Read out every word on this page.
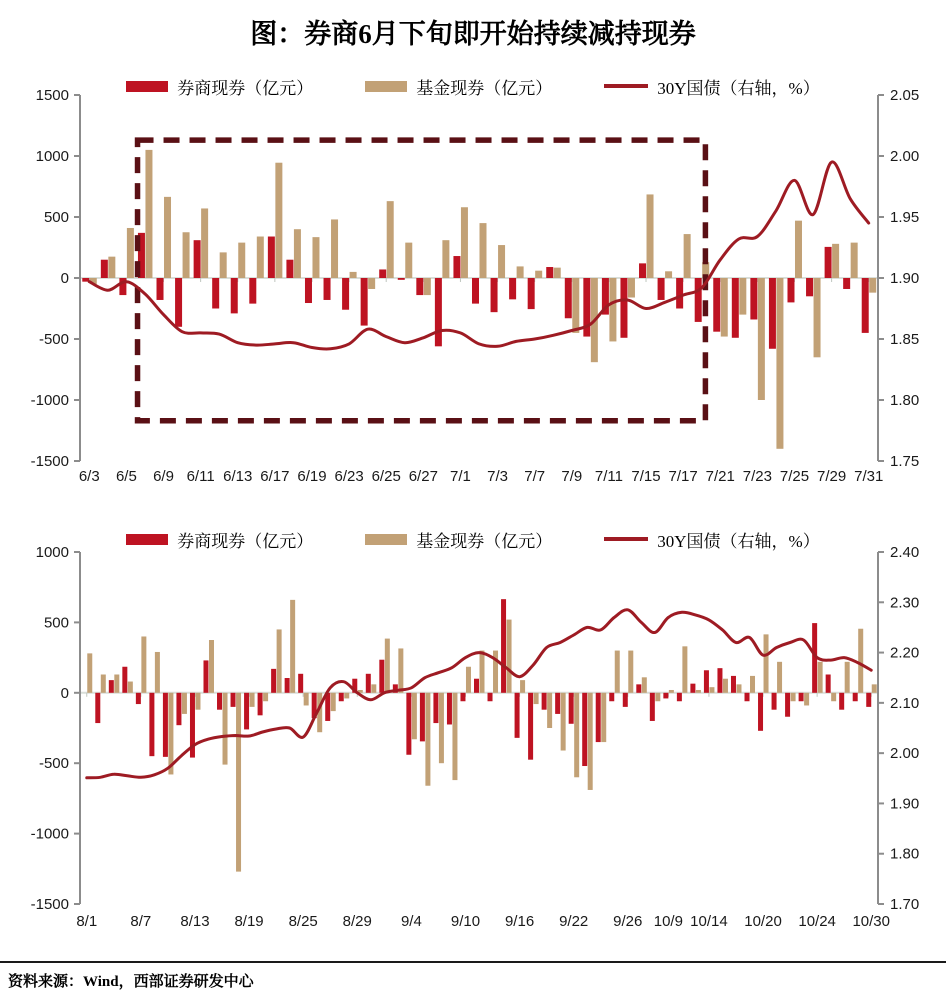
图：券商6月下旬即开始持续减持现券
1500
1000
500
0
-500
-1000
-1500
2.05
2.00
1.95
1.90
1.85
1.80
1.75
6/3 6/5 6/9 6/11 6/13 6/17 6/19 6/23 6/25 6/27 7/1 7/3 7/7 7/9 7/11 7/15 7/17 7/21 7/23 7/25 7/29 7/31
1000
500
0
-500
-1000
-1500
2.40
2.30
2.20
2.10
2.00
1.90
1.80
1.70
8/1 8/7 8/13 8/19 8/25 8/29 9/4 9/10 9/16 9/22 9/26 10/9 10/14 10/20 10/24 10/30
券商现券（亿元）	基金现券（亿元）	30Y国债（右轴，%）
券商现券（亿元）	基金现券（亿元）	30Y国债（右轴，%）
资料来源：Wind，西部证券研发中心
